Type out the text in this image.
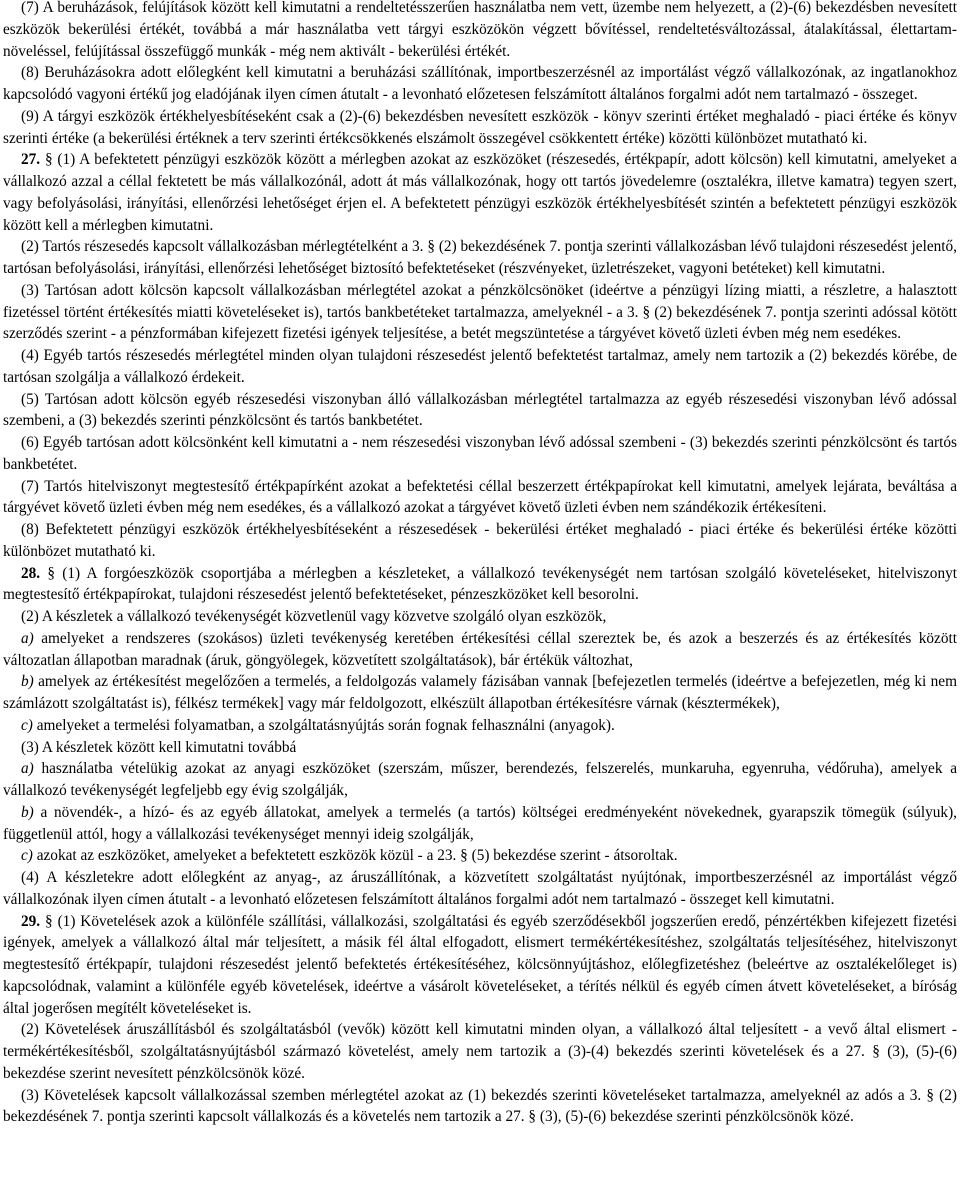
(7) A beruházások, felújítások között kell kimutatni a rendeltetésszerűen használatba nem vett, üzembe nem helyezett, a (2)-(6) bekezdésben nevesített eszközök bekerülési értékét, továbbá a már használatba vett tárgyi eszközökön végzett bővítéssel, rendeltetésváltozással, átalakítással, élettartam-növeléssel, felújítással összefüggő munkák - még nem aktivált - bekerülési értékét.

(8) Beruházásokra adott előlegként kell kimutatni a beruházási szállítónak, importbeszerzésnél az importálást végző vállalkozónak, az ingatlanokhoz kapcsolódó vagyoni értékű jog eladójának ilyen címen átutalt - a levonható előzetesen felszámított általános forgalmi adót nem tartalmazó - összeget.

(9) A tárgyi eszközök értékhelyesbítéseként csak a (2)-(6) bekezdésben nevesített eszközök - könyv szerinti értéket meghaladó - piaci értéke és könyv szerinti értéke (a bekerülési értéknek a terv szerinti értékcsökkenés elszámolt összegével csökkentett értéke) közötti különbözet mutatható ki.

27. § (1) A befektetett pénzügyi eszközök között a mérlegben azokat az eszközöket (részesedés, értékpapír, adott kölcsön) kell kimutatni, amelyeket a vállalkozó azzal a céllal fektetett be más vállalkozónál, adott át más vállalkozónak, hogy ott tartós jövedelemre (osztalékra, illetve kamatra) tegyen szert, vagy befolyásolási, irányítási, ellenőrzési lehetőséget érjen el. A befektetett pénzügyi eszközök értékhelyesbítését szintén a befektetett pénzügyi eszközök között kell a mérlegben kimutatni.

(2) Tartós részesedés kapcsolt vállalkozásban mérlegtételként a 3. § (2) bekezdésének 7. pontja szerinti vállalkozásban lévő tulajdoni részesedést jelentő, tartósan befolyásolási, irányítási, ellenőrzési lehetőséget biztosító befektetéseket (részvényeket, üzletrészeket, vagyoni betéteket) kell kimutatni.

(3) Tartósan adott kölcsön kapcsolt vállalkozásban mérlegtétel azokat a pénzkölcsönöket (ideértve a pénzügyi lízing miatti, a részletre, a halasztott fizetéssel történt értékesítés miatti követeléseket is), tartós bankbetéteket tartalmazza, amelyeknél - a 3. § (2) bekezdésének 7. pontja szerinti adóssal kötött szerződés szerint - a pénzformában kifejezett fizetési igények teljesítése, a betét megszüntetése a tárgyévet követő üzleti évben még nem esedékes.

(4) Egyéb tartós részesedés mérlegtétel minden olyan tulajdoni részesedést jelentő befektetést tartalmaz, amely nem tartozik a (2) bekezdés körébe, de tartósan szolgálja a vállalkozó érdekeit.

(5) Tartósan adott kölcsön egyéb részesedési viszonyban álló vállalkozásban mérlegtétel tartalmazza az egyéb részesedési viszonyban lévő adóssal szembeni, a (3) bekezdés szerinti pénzkölcsönt és tartós bankbetétet.

(6) Egyéb tartósan adott kölcsönként kell kimutatni a - nem részesedési viszonyban lévő adóssal szembeni - (3) bekezdés szerinti pénzkölcsönt és tartós bankbetétet.

(7) Tartós hitelviszonyt megtestesítő értékpapírként azokat a befektetési céllal beszerzett értékpapírokat kell kimutatni, amelyek lejárata, beváltása a tárgyévet követő üzleti évben még nem esedékes, és a vállalkozó azokat a tárgyévet követő üzleti évben nem szándékozik értékesíteni.

(8) Befektetett pénzügyi eszközök értékhelyesbítéseként a részesedések - bekerülési értéket meghaladó - piaci értéke és bekerülési értéke közötti különbözet mutatható ki.

28. § (1) A forgóeszközök csoportjába a mérlegben a készleteket, a vállalkozó tevékenységét nem tartósan szolgáló követeléseket, hitelviszonyt megtestesítő értékpapírokat, tulajdoni részesedést jelentő befektetéseket, pénzeszközöket kell besorolni.

(2) A készletek a vállalkozó tevékenységét közvetlenül vagy közvetve szolgáló olyan eszközök,

a) amelyeket a rendszeres (szokásos) üzleti tevékenység keretében értékesítési céllal szereztek be, és azok a beszerzés és az értékesítés között változatlan állapotban maradnak (áruk, göngyölegek, közvetített szolgáltatások), bár értékük változhat,

b) amelyek az értékesítést megelőzően a termelés, a feldolgozás valamely fázisában vannak [befejezetlen termelés (ideértve a befejezetlen, még ki nem számlázott szolgáltatást is), félkész termékek] vagy már feldolgozott, elkészült állapotban értékesítésre várnak (késztermékek),

c) amelyeket a termelési folyamatban, a szolgáltatásnyújtás során fognak felhasználni (anyagok).

(3) A készletek között kell kimutatni továbbá

a) használatba vételükig azokat az anyagi eszközöket (szerszám, műszer, berendezés, felszerelés, munkaruha, egyenruha, védőruha), amelyek a vállalkozó tevékenységét legfeljebb egy évig szolgálják,

b) a növendék-, a hízó- és az egyéb állatokat, amelyek a termelés (a tartós) költségei eredményeként növekednek, gyarapszik tömegük (súlyuk), függetlenül attól, hogy a vállalkozási tevékenységet mennyi ideig szolgálják,

c) azokat az eszközöket, amelyeket a befektetett eszközök közül - a 23. § (5) bekezdése szerint - átsoroltak.

(4) A készletekre adott előlegként az anyag-, az áruszállítónak, a közvetített szolgáltatást nyújtónak, importbeszerzésnél az importálást végző vállalkozónak ilyen címen átutalt - a levonható előzetesen felszámított általános forgalmi adót nem tartalmazó - összeget kell kimutatni.

29. § (1) Követelések azok a különféle szállítási, vállalkozási, szolgáltatási és egyéb szerződésekből jogszerűen eredő, pénzértékben kifejezett fizetési igények, amelyek a vállalkozó által már teljesített, a másik fél által elfogadott, elismert termékértékesítéshez, szolgáltatás teljesítéséhez, hitelviszonyt megtestesítő értékpapír, tulajdoni részesedést jelentő befektetés értékesítéséhez, kölcsönnyújtáshoz, előlegfizetéshez (beleértve az osztalékelőleget is) kapcsolódnak, valamint a különféle egyéb követelések, ideértve a vásárolt követeléseket, a térítés nélkül és egyéb címen átvett követeléseket, a bíróság által jogerősen megítélt követeléseket is.

(2) Követelések áruszállításból és szolgáltatásból (vevők) között kell kimutatni minden olyan, a vállalkozó által teljesített - a vevő által elismert - termékértékesítésből, szolgáltatásnyújtásból származó követelést, amely nem tartozik a (3)-(4) bekezdés szerinti követelések és a 27. § (3), (5)-(6) bekezdése szerint nevesített pénzkölcsönök közé.

(3) Követelések kapcsolt vállalkozással szemben mérlegtétel azokat az (1) bekezdés szerinti követeléseket tartalmazza, amelyeknél az adós a 3. § (2) bekezdésének 7. pontja szerinti kapcsolt vállalkozás és a követelés nem tartozik a 27. § (3), (5)-(6) bekezdése szerinti pénzkölcsönök közé.
